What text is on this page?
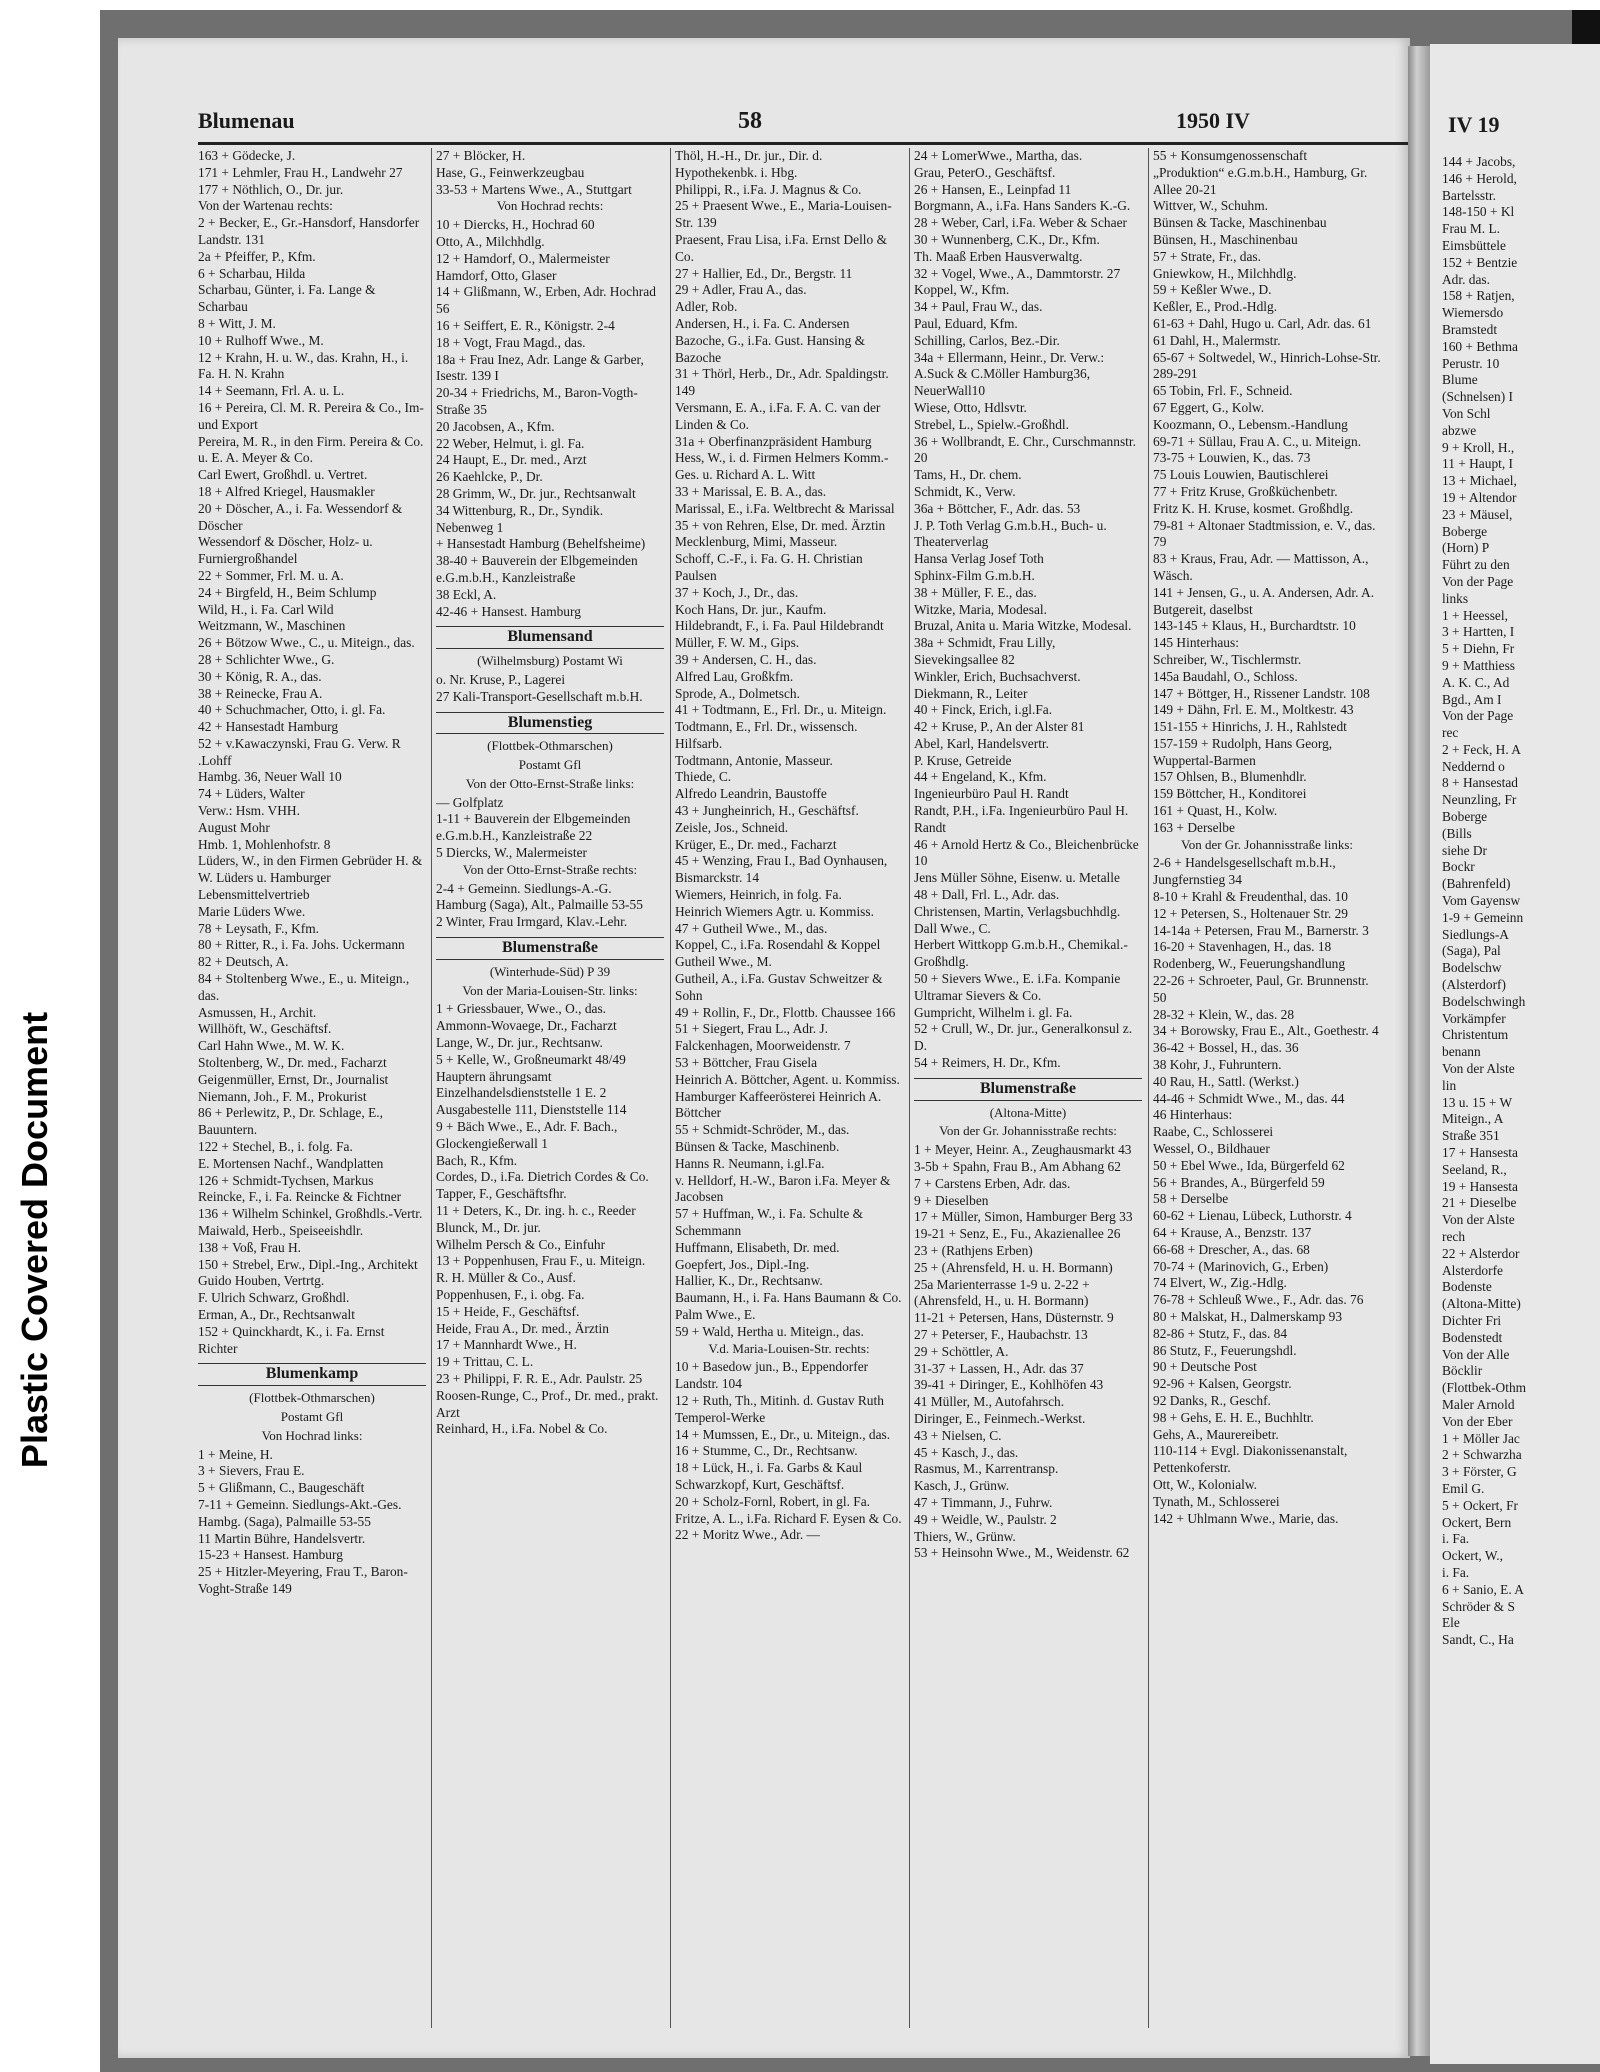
Plastic Covered Document
Blumenau	58	1950 IV
163 + Gödecke, J.
171 + Lehmler, Frau H., Landwehr 27
177 + Nöthlich, O., Dr. jur.
Von der Wartenau rechts:
2 + Becker, E., Gr.-Hansdorf, Hansdorfer Landstr. 131
2a + Pfeiffer, P., Kfm.
6 + Scharbau, Hilda
Scharbau, Günter, i. Fa. Lange & Scharbau
8 + Witt, J. M.
10 + Rulhoff Wwe., M.
12 + Krahn, H. u. W., das. Krahn, H., i. Fa. H. N. Krahn
14 + Seemann, Frl. A. u. L.
16 + Pereira, Cl. M. R. Pereira & Co., Im- und Export
Pereira, M. R., in den Firm. Pereira & Co. u. E. A. Meyer & Co.
Carl Ewert, Großhdl. u. Vertret.
18 + Alfred Kriegel, Hausmakler
20 + Döscher, A., i. Fa. Wessendorf & Döscher
Wessendorf & Döscher, Holz- u. Furniergroßhandel
22 + Sommer, Frl. M. u. A.
24 + Birgfeld, H., Beim Schlump
Wild, H., i. Fa. Carl Wild
Weitzmann, W., Maschinen
26 + Bötzow Wwe., C., u. Miteign., das.
28 + Schlichter Wwe., G.
30 + König, R. A., das.
38 + Reinecke, Frau A.
40 + Schuchmacher, Otto, i. gl. Fa.
42 + Hansestadt Hamburg
52 + v.Kawaczynski, Frau G. Verw. R .Lohff
Hambg. 36, Neuer Wall 10
74 + Lüders, Walter
Verw.: Hsm. VHH.
August Mohr
Hmb. 1, Mohlenhofstr. 8
Lüders, W., in den Firmen Gebrüder H. & W. Lüders u. Hamburger Lebensmittelvertrieb
Marie Lüders Wwe.
78 + Leysath, F., Kfm.
80 + Ritter, R., i. Fa. Johs. Uckermann
82 + Deutsch, A.
84 + Stoltenberg Wwe., E., u. Miteign., das.
Asmussen, H., Archit.
Willhöft, W., Geschäftsf.
Carl Hahn Wwe., M. W. K.
Stoltenberg, W., Dr. med., Facharzt
Geigenmüller, Ernst, Dr., Journalist
Niemann, Joh., F. M., Prokurist
86 + Perlewitz, P., Dr. Schlage, E., Bauuntern.
122 + Stechel, B., i. folg. Fa.
E. Mortensen Nachf., Wandplatten
126 + Schmidt-Tychsen, Markus
Reincke, F., i. Fa. Reincke & Fichtner
136 + Wilhelm Schinkel, Großhdls.-Vertr.
Maiwald, Herb., Speiseeishdlr.
138 + Voß, Frau H.
150 + Strebel, Erw., Dipl.-Ing., Architekt
Guido Houben, Vertrtg.
F. Ulrich Schwarz, Großhdl.
Erman, A., Dr., Rechtsanwalt
152 + Quinckhardt, K., i. Fa. Ernst Richter
Blumenkamp
(Flottbek-Othmarschen)
Postamt Gfl
Von Hochrad links:
1 + Meine, H.
3 + Sievers, Frau E.
5 + Glißmann, C., Baugeschäft
7-11 + Gemeinn. Siedlungs-Akt.-Ges. Hambg. (Saga), Palmaille 53-55
11 Martin Bühre, Handelsvertr.
15-23 + Hansest. Hamburg
25 + Hitzler-Meyering, Frau T., Baron-Voght-Straße 149
27 + Blöcker, H.
Hase, G., Feinwerkzeugbau
33-53 + Martens Wwe., A., Stuttgart
Von Hochrad rechts:
10 + Diercks, H., Hochrad 60
Otto, A., Milchhdlg.
12 + Hamdorf, O., Malermeister
Hamdorf, Otto, Glaser
14 + Glißmann, W., Erben, Adr. Hochrad 56
16 + Seiffert, E. R., Königstr. 2-4
18 + Vogt, Frau Magd., das.
18a + Frau Inez, Adr. Lange & Garber, Isestr. 139 I
20-34 + Friedrichs, M., Baron-Vogth-Straße 35
20 Jacobsen, A., Kfm.
22 Weber, Helmut, i. gl. Fa.
24 Haupt, E., Dr. med., Arzt
26 Kaehlcke, P., Dr.
28 Grimm, W., Dr. jur., Rechtsanwalt
34 Wittenburg, R., Dr., Syndik.
Nebenweg 1
+ Hansestadt Hamburg (Behelfsheime)
38-40 + Bauverein der Elbgemeinden e.G.m.b.H., Kanzleistraße
38 Eckl, A.
42-46 + Hansest. Hamburg
Blumensand
(Wilhelmsburg) Postamt Wi
o. Nr. Kruse, P., Lagerei
27 Kali-Transport-Gesellschaft m.b.H.
Blumenstieg
(Flottbek-Othmarschen)
Postamt Gfl
Von der Otto-Ernst-Straße links:
— Golfplatz
1-11 + Bauverein der Elbgemeinden e.G.m.b.H., Kanzleistraße 22
5 Diercks, W., Malermeister
Von der Otto-Ernst-Straße rechts:
2-4 + Gemeinn. Siedlungs-A.-G. Hamburg (Saga), Alt., Palmaille 53-55
2 Winter, Frau Irmgard, Klav.-Lehr.
Blumenstraße
(Winterhude-Süd) P 39
Von der Maria-Louisen-Str. links:
1 + Griessbauer, Wwe., O., das.
Ammonn-Wovaege, Dr., Facharzt
Lange, W., Dr. jur., Rechtsanw.
5 + Kelle, W., Großneumarkt 48/49
Hauptern ährungsamt Einzelhandelsdienststelle 1 E. 2
Ausgabestelle 111, Dienststelle 114
9 + Bäch Wwe., E., Adr. F. Bach., Glockengießerwall 1
Bach, R., Kfm.
Cordes, D., i.Fa. Dietrich Cordes & Co.
Tapper, F., Geschäftsfhr.
11 + Deters, K., Dr. ing. h. c., Reeder
Blunck, M., Dr. jur.
Wilhelm Persch & Co., Einfuhr
13 + Poppenhusen, Frau F., u. Miteign.
R. H. Müller & Co., Ausf.
Poppenhusen, F., i. obg. Fa.
15 + Heide, F., Geschäftsf.
Heide, Frau A., Dr. med., Ärztin
17 + Mannhardt Wwe., H.
19 + Trittau, C. L.
23 + Philippi, F. R. E., Adr. Paulstr. 25
Roosen-Runge, C., Prof., Dr. med., prakt. Arzt
Reinhard, H., i.Fa. Nobel & Co.
Thöl, H.-H., Dr. jur., Dir. d. Hypothekenbk. i. Hbg.
Philippi, R., i.Fa. J. Magnus & Co.
25 + Praesent Wwe., E., Maria-Louisen-Str. 139
Praesent, Frau Lisa, i.Fa. Ernst Dello & Co.
27 + Hallier, Ed., Dr., Bergstr. 11
29 + Adler, Frau A., das.
Adler, Rob.
Andersen, H., i. Fa. C. Andersen
Bazoche, G., i.Fa. Gust. Hansing & Bazoche
31 + Thörl, Herb., Dr., Adr. Spaldingstr. 149
Versmann, E. A., i.Fa. F. A. C. van der Linden & Co.
31a + Oberfinanzpräsident Hamburg
Hess, W., i. d. Firmen Helmers Komm.-Ges. u. Richard A. L. Witt
33 + Marissal, E. B. A., das.
Marissal, E., i.Fa. Weltbrecht & Marissal
35 + von Rehren, Else, Dr. med. Ärztin
Mecklenburg, Mimi, Masseur.
Schoff, C.-F., i. Fa. G. H. Christian Paulsen
37 + Koch, J., Dr., das.
Koch Hans, Dr. jur., Kaufm.
Hildebrandt, F., i. Fa. Paul Hildebrandt
Müller, F. W. M., Gips.
39 + Andersen, C. H., das.
Alfred Lau, Großkfm.
Sprode, A., Dolmetsch.
41 + Todtmann, E., Frl. Dr., u. Miteign.
Todtmann, E., Frl. Dr., wissensch. Hilfsarb.
Todtmann, Antonie, Masseur.
Thiede, C.
Alfredo Leandrin, Baustoffe
43 + Jungheinrich, H., Geschäftsf.
Zeisle, Jos., Schneid.
Krüger, E., Dr. med., Facharzt
45 + Wenzing, Frau I., Bad Oynhausen, Bismarckstr. 14
Wiemers, Heinrich, in folg. Fa.
Heinrich Wiemers Agtr. u. Kommiss.
47 + Gutheil Wwe., M., das.
Koppel, C., i.Fa. Rosendahl & Koppel
Gutheil Wwe., M.
Gutheil, A., i.Fa. Gustav Schweitzer & Sohn
49 + Rollin, F., Dr., Flottb. Chaussee 166
51 + Siegert, Frau L., Adr. J. Falckenhagen, Moorweidenstr. 7
53 + Böttcher, Frau Gisela
Heinrich A. Böttcher, Agent. u. Kommiss.
Hamburger Kaffeerösterei Heinrich A. Böttcher
55 + Schmidt-Schröder, M., das.
Bünsen & Tacke, Maschinenb.
Hanns R. Neumann, i.gl.Fa.
v. Helldorf, H.-W., Baron i.Fa. Meyer & Jacobsen
57 + Huffman, W., i. Fa. Schulte & Schemmann
Huffmann, Elisabeth, Dr. med.
Goepfert, Jos., Dipl.-Ing.
Hallier, K., Dr., Rechtsanw.
Baumann, H., i. Fa. Hans Baumann & Co.
Palm Wwe., E.
59 + Wald, Hertha u. Miteign., das.
V.d. Maria-Louisen-Str. rechts:
10 + Basedow jun., B., Eppendorfer Landstr. 104
12 + Ruth, Th., Mitinh. d. Gustav Ruth Temperol-Werke
14 + Mumssen, E., Dr., u. Miteign., das.
16 + Stumme, C., Dr., Rechtsanw.
18 + Lück, H., i. Fa. Garbs & Kaul
Schwarzkopf, Kurt, Geschäftsf.
20 + Scholz-Fornl, Robert, in gl. Fa.
Fritze, A. L., i.Fa. Richard F. Eysen & Co.
22 + Moritz Wwe., Adr. —
24 + LomerWwe., Martha, das.
Grau, PeterO., Geschäftsf.
26 + Hansen, E., Leinpfad 11
Borgmann, A., i.Fa. Hans Sanders K.-G.
28 + Weber, Carl, i.Fa. Weber & Schaer
30 + Wunnenberg, C.K., Dr., Kfm.
Th. Maaß Erben Hausverwaltg.
32 + Vogel, Wwe., A., Dammtorstr. 27
Koppel, W., Kfm.
34 + Paul, Frau W., das.
Paul, Eduard, Kfm.
Schilling, Carlos, Bez.-Dir.
34a + Ellermann, Heinr., Dr. Verw.: A.Suck & C.Möller Hamburg36, NeuerWall10
Wiese, Otto, Hdlsvtr.
Strebel, L., Spielw.-Großhdl.
36 + Wollbrandt, E. Chr., Curschmannstr. 20
Tams, H., Dr. chem.
Schmidt, K., Verw.
36a + Böttcher, F., Adr. das. 53
J. P. Toth Verlag G.m.b.H., Buch- u. Theaterverlag
Hansa Verlag Josef Toth
Sphinx-Film G.m.b.H.
38 + Müller, F. E., das.
Witzke, Maria, Modesal.
Bruzal, Anita u. Maria Witzke, Modesal.
38a + Schmidt, Frau Lilly, Sievekingsallee 82
Winkler, Erich, Buchsachverst.
Diekmann, R., Leiter
40 + Finck, Erich, i.gl.Fa.
42 + Kruse, P., An der Alster 81
Abel, Karl, Handelsvertr.
P. Kruse, Getreide
44 + Engeland, K., Kfm.
Ingenieurbüro Paul H. Randt
Randt, P.H., i.Fa. Ingenieurbüro Paul H. Randt
46 + Arnold Hertz & Co., Bleichenbrücke 10
Jens Müller Söhne, Eisenw. u. Metalle
48 + Dall, Frl. L., Adr. das.
Christensen, Martin, Verlagsbuchhdlg.
Dall Wwe., C.
Herbert Wittkopp G.m.b.H., Chemikal.-Großhdlg.
50 + Sievers Wwe., E. i.Fa. Kompanie Ultramar Sievers & Co.
Gumpricht, Wilhelm i. gl. Fa.
52 + Crull, W., Dr. jur., Generalkonsul z. D.
54 + Reimers, H. Dr., Kfm.
Blumenstraße
(Altona-Mitte)
Von der Gr. Johannisstraße rechts:
1 + Meyer, Heinr. A., Zeughausmarkt 43
3-5b + Spahn, Frau B., Am Abhang 62
7 + Carstens Erben, Adr. das.
9 + Dieselben
17 + Müller, Simon, Hamburger Berg 33
19-21 + Senz, E., Fu., Akazienallee 26
23 + (Rathjens Erben)
25 + (Ahrensfeld, H. u. H. Bormann)
25a Marienterrasse 1-9 u. 2-22 + (Ahrensfeld, H., u. H. Bormann)
11-21 + Petersen, Hans, Düsternstr. 9
27 + Peterser, F., Haubachstr. 13
29 + Schöttler, A.
31-37 + Lassen, H., Adr. das 37
39-41 + Diringer, E., Kohlhöfen 43
41 Müller, M., Autofahrsch.
Diringer, E., Feinmech.-Werkst.
43 + Nielsen, C.
45 + Kasch, J., das.
Rasmus, M., Karrentransp.
Kasch, J., Grünw.
47 + Timmann, J., Fuhrw.
49 + Weidle, W., Paulstr. 2
Thiers, W., Grünw.
53 + Heinsohn Wwe., M., Weidenstr. 62
55 + Konsumgenossenschaft „Produktion“ e.G.m.b.H., Hamburg, Gr. Allee 20-21
Wittver, W., Schuhm.
Bünsen & Tacke, Maschinenbau
Bünsen, H., Maschinenbau
57 + Strate, Fr., das.
Gniewkow, H., Milchhdlg.
59 + Keßler Wwe., D.
Keßler, E., Prod.-Hdlg.
61-63 + Dahl, Hugo u. Carl, Adr. das. 61
61 Dahl, H., Malermstr.
65-67 + Soltwedel, W., Hinrich-Lohse-Str. 289-291
65 Tobin, Frl. F., Schneid.
67 Eggert, G., Kolw.
Koozmann, O., Lebensm.-Handlung
69-71 + Süllau, Frau A. C., u. Miteign.
73-75 + Louwien, K., das. 73
75 Louis Louwien, Bautischlerei
77 + Fritz Kruse, Großküchenbetr.
Fritz K. H. Kruse, kosmet. Großhdlg.
79-81 + Altonaer Stadtmission, e. V., das. 79
83 + Kraus, Frau, Adr. — Mattisson, A., Wäsch.
141 + Jensen, G., u. A. Andersen, Adr. A. Butgereit, daselbst
143-145 + Klaus, H., Burchardtstr. 10
145 Hinterhaus:
Schreiber, W., Tischlermstr.
145a Baudahl, O., Schloss.
147 + Böttger, H., Rissener Landstr. 108
149 + Dähn, Frl. E. M., Moltkestr. 43
151-155 + Hinrichs, J. H., Rahlstedt
157-159 + Rudolph, Hans Georg, Wuppertal-Barmen
157 Ohlsen, B., Blumenhdlr.
159 Böttcher, H., Konditorei
161 + Quast, H., Kolw.
163 + Derselbe
Von der Gr. Johannisstraße links:
2-6 + Handelsgesellschaft m.b.H., Jungfernstieg 34
8-10 + Krahl & Freudenthal, das. 10
12 + Petersen, S., Holtenauer Str. 29
14-14a + Petersen, Frau M., Barnerstr. 3
16-20 + Stavenhagen, H., das. 18
Rodenberg, W., Feuerungshandlung
22-26 + Schroeter, Paul, Gr. Brunnenstr. 50
28-32 + Klein, W., das. 28
34 + Borowsky, Frau E., Alt., Goethestr. 4
36-42 + Bossel, H., das. 36
38 Kohr, J., Fuhruntern.
40 Rau, H., Sattl. (Werkst.)
44-46 + Schmidt Wwe., M., das. 44
46 Hinterhaus:
Raabe, C., Schlosserei
Wessel, O., Bildhauer
50 + Ebel Wwe., Ida, Bürgerfeld 62
56 + Brandes, A., Bürgerfeld 59
58 + Derselbe
60-62 + Lienau, Lübeck, Luthorstr. 4
64 + Krause, A., Benzstr. 137
66-68 + Drescher, A., das. 68
70-74 + (Marinovich, G., Erben)
74 Elvert, W., Zig.-Hdlg.
76-78 + Schleuß Wwe., F., Adr. das. 76
80 + Malskat, H., Dalmerskamp 93
82-86 + Stutz, F., das. 84
86 Stutz, F., Feuerungshdl.
90 + Deutsche Post
92-96 + Kalsen, Georgstr.
92 Danks, R., Geschf.
98 + Gehs, E. H. E., Buchhltr.
Gehs, A., Maurereibetr.
110-114 + Evgl. Diakonissenanstalt, Pettenkoferstr.
Ott, W., Kolonialw.
Tynath, M., Schlosserei
142 + Uhlmann Wwe., Marie, das.
IV 19
144 + Jacobs,
146 + Herold,
Bartelsstr.
148-150 + Kl
Frau M. L.
Eimsbüttele
152 + Bentzie
Adr. das.
158 + Ratjen,
Wiemersdo
Bramstedt
160 + Bethma
Perustr. 10
Blume
(Schnelsen) I
Von Schl
abzwe
9 + Kroll, H.,
11 + Haupt, I
13 + Michael,
19 + Altendor
23 + Mäusel,
Boberge
(Horn) P
Führt zu den
Von der Page
links
1 + Heessel,
3 + Hartten, I
5 + Diehn, Fr
9 + Matthiess
A. K. C., Ad
Bgd., Am I
Von der Page
rec
2 + Feck, H. A
Neddernd o
8 + Hansestad
Neunzling, Fr
Boberge
(Bills
siehe Dr
Bockr
(Bahrenfeld)
Vom Gayensw
1-9 + Gemeinn
Siedlungs-A
(Saga), Pal
Bodelschw
(Alsterdorf)
Bodelschwingh
Vorkämpfer
Christentum
benann
Von der Alste
lin
13 u. 15 + W
Miteign., A
Straße 351
17 + Hansesta
Seeland, R.,
19 + Hansesta
21 + Dieselbe
Von der Alste
rech
22 + Alsterdor
Alsterdorfe
Bodenste
(Altona-Mitte)
Dichter Fri
Bodenstedt
Von der Alle
Böcklir
(Flottbek-Othm
Maler Arnold
Von der Eber
1 + Möller Jac
2 + Schwarzha
3 + Förster, G
Emil G.
5 + Ockert, Fr
Ockert, Bern
i. Fa.
Ockert, W.,
i. Fa.
6 + Sanio, E. A
Schröder & S
Ele
Sandt, C., Ha
